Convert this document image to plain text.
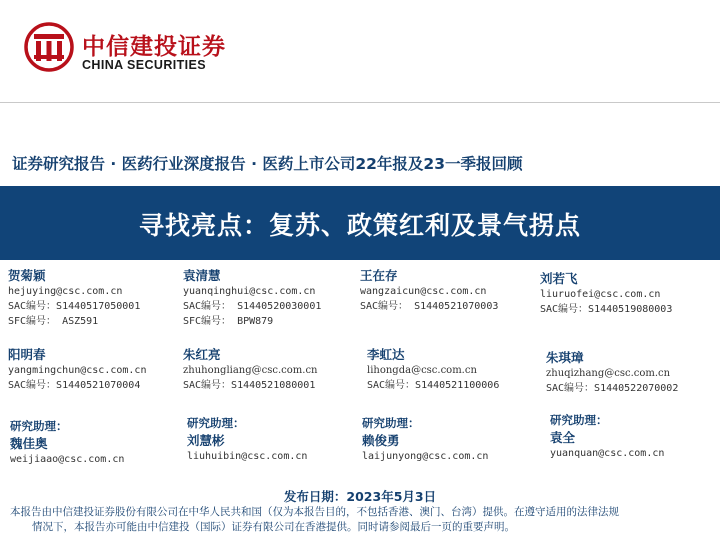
中信建投证券
CHINA SECURITIES
证券研究报告 · 医药行业深度报告 · 医药上市公司22年报及23一季报回顾
寻找亮点：复苏、政策红利及景气拐点
贺菊颖
hejuying@csc.com.cn
SAC编号：S1440517050001
SFC编号： ASZ591
袁清慧
yuanqinghui@csc.com.cn
SAC编号： S1440520030001
SFC编号： BPW879
王在存
wangzaicun@csc.com.cn
SAC编号： S1440521070003
刘若飞
liuruofei@csc.com.cn
SAC编号：S1440519080003
阳明春
yangmingchun@csc.com.cn
SAC编号：S1440521070004
朱红亮
zhuhongliang@csc.com.cn
SAC编号：S1440521080001
李虹达
lihongda@csc.com.cn
SAC编号：S1440521100006
朱琪璋
zhuqizhang@csc.com.cn
SAC编号：S1440522070002
研究助理：
魏佳奥
weijiaao@csc.com.cn
研究助理：
刘慧彬
liuhuibin@csc.com.cn
研究助理：
赖俊勇
laijunyong@csc.com.cn
研究助理：
袁全
yuanquan@csc.com.cn
发布日期：2023年5月3日
本报告由中信建投证券股份有限公司在中华人民共和国（仅为本报告目的，不包括香港、澳门、台湾）提供。在遵守适用的法律法规
情况下，本报告亦可能由中信建投（国际）证券有限公司在香港提供。同时请参阅最后一页的重要声明。
